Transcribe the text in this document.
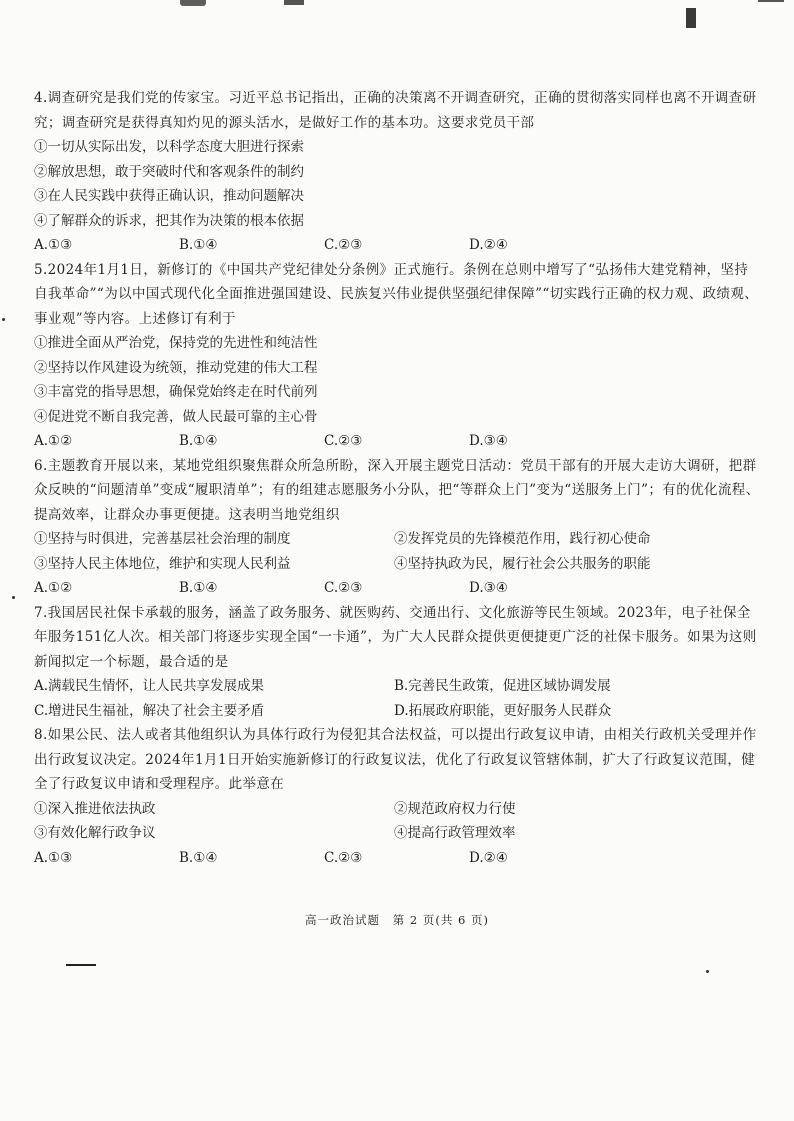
4.调查研究是我们党的传家宝。习近平总书记指出，正确的决策离不开调查研究，正确的贯彻落实同样也离不开调查研究；调查研究是获得真知灼见的源头活水，是做好工作的基本功。这要求党员干部

①一切从实际出发，以科学态度大胆进行探索
②解放思想，敢于突破时代和客观条件的制约
③在人民实践中获得正确认识，推动问题解决
④了解群众的诉求，把其作为决策的根本依据
A.①③	B.①④	C.②③	D.②④

5.2024年1月1日，新修订的《中国共产党纪律处分条例》正式施行。条例在总则中增写了“弘扬伟大建党精神，坚持自我革命”“为以中国式现代化全面推进强国建设、民族复兴伟业提供坚强纪律保障”“切实践行正确的权力观、政绩观、事业观”等内容。上述修订有利于

①推进全面从严治党，保持党的先进性和纯洁性
②坚持以作风建设为统领，推动党建的伟大工程
③丰富党的指导思想，确保党始终走在时代前列
④促进党不断自我完善，做人民最可靠的主心骨
A.①②	B.①④	C.②③	D.③④

6.主题教育开展以来，某地党组织聚焦群众所急所盼，深入开展主题党日活动：党员干部有的开展大走访大调研，把群众反映的“问题清单”变成“履职清单”；有的组建志愿服务小分队，把“等群众上门”变为“送服务上门”；有的优化流程、提高效率，让群众办事更便捷。这表明当地党组织

①坚持与时俱进，完善基层社会治理的制度	②发挥党员的先锋模范作用，践行初心使命
③坚持人民主体地位，维护和实现人民利益	④坚持执政为民，履行社会公共服务的职能
A.①②	B.①④	C.②③	D.③④

7.我国居民社保卡承载的服务，涵盖了政务服务、就医购药、交通出行、文化旅游等民生领域。2023年，电子社保全年服务151亿人次。相关部门将逐步实现全国“一卡通”，为广大人民群众提供更便捷更广泛的社保卡服务。如果为这则新闻拟定一个标题，最合适的是

A.满载民生情怀，让人民共享发展成果	B.完善民生政策，促进区域协调发展
C.增进民生福祉，解决了社会主要矛盾	D.拓展政府职能，更好服务人民群众

8.如果公民、法人或者其他组织认为具体行政行为侵犯其合法权益，可以提出行政复议申请，由相关行政机关受理并作出行政复议决定。2024年1月1日开始实施新修订的行政复议法，优化了行政复议管辖体制，扩大了行政复议范围，健全了行政复议申请和受理程序。此举意在

①深入推进依法执政	②规范政府权力行使
③有效化解行政争议	④提高行政管理效率
A.①③	B.①④	C.②③	D.②④
高一政治试题 第 2 页(共 6 页)
